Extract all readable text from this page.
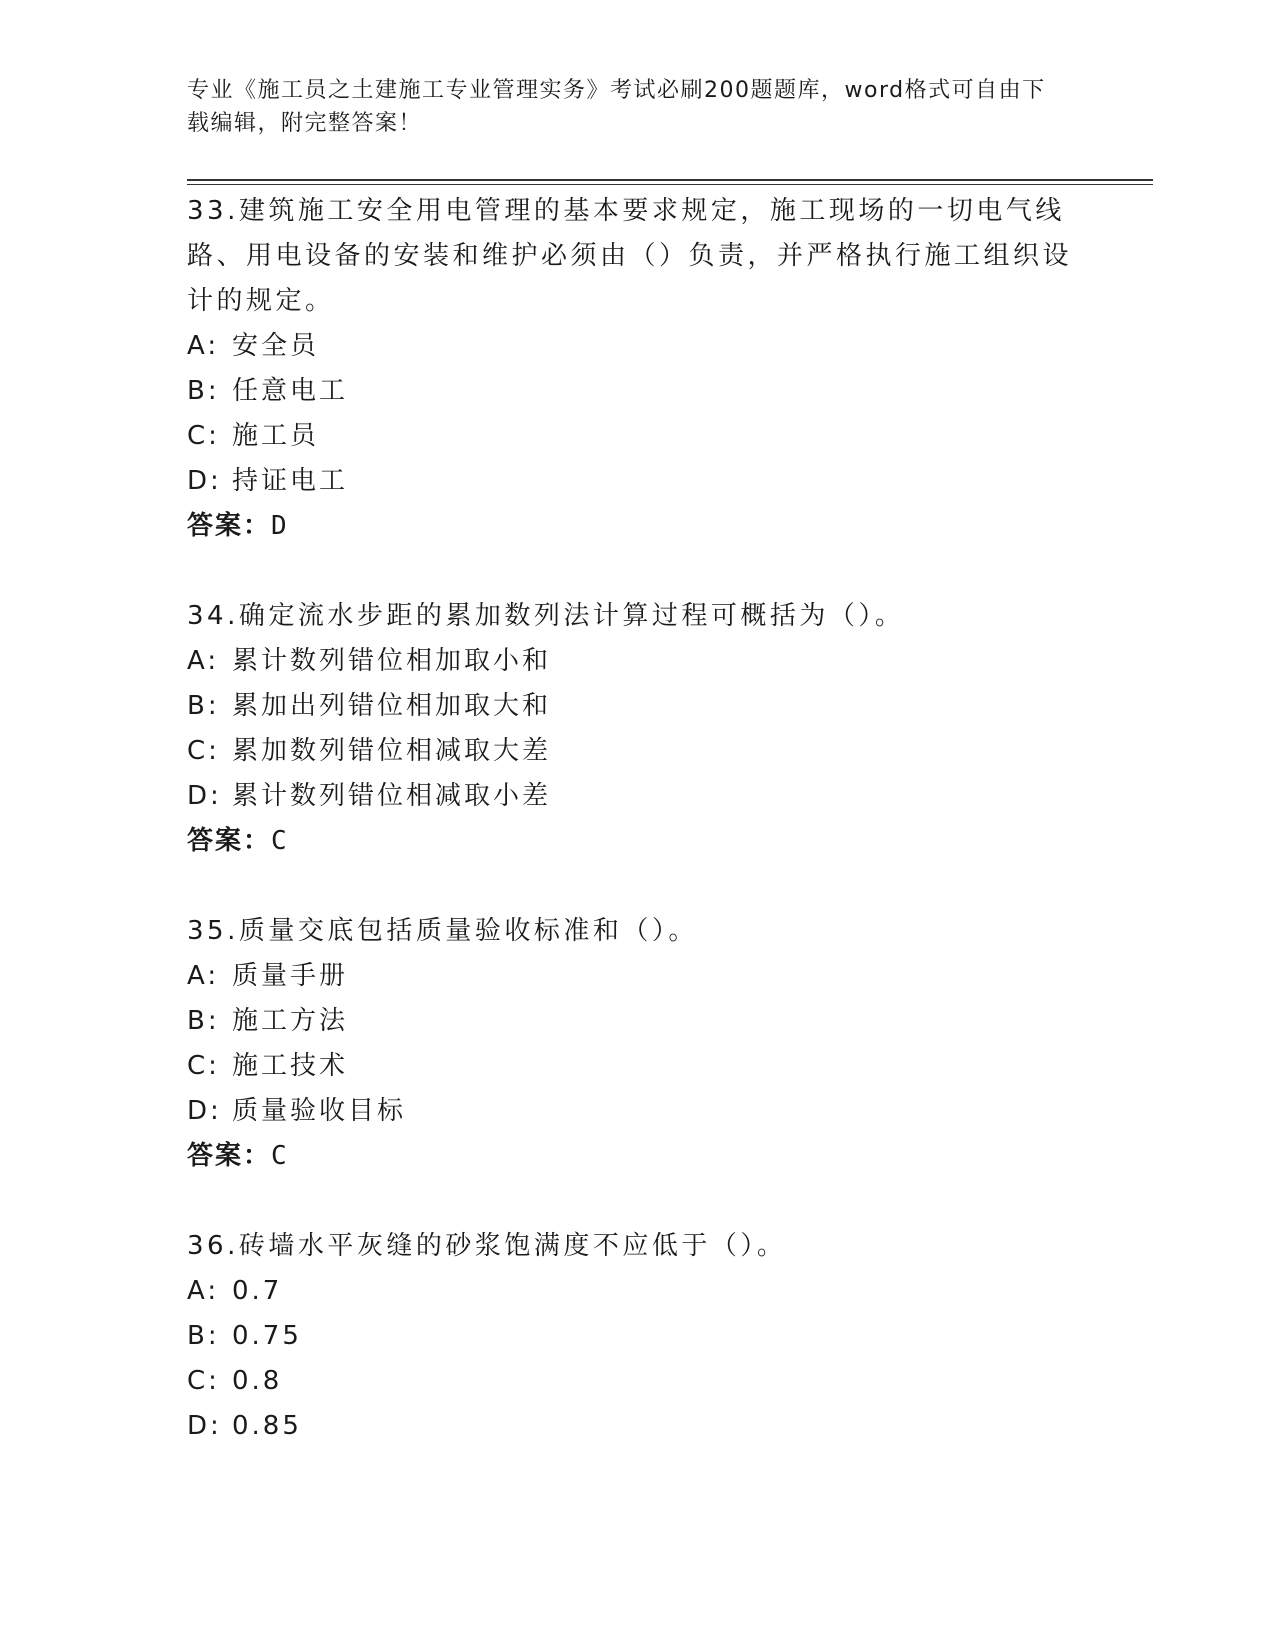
专业《施工员之土建施工专业管理实务》考试必刷200题题库，word格式可自由下载编辑，附完整答案！

33.建筑施工安全用电管理的基本要求规定，施工现场的一切电气线路、用电设备的安装和维护必须由（）负责，并严格执行施工组织设计的规定。

A: 安全员
B: 任意电工
C: 施工员
D: 持证电工
答案：D

34.确定流水步距的累加数列法计算过程可概括为（）。

A: 累计数列错位相加取小和
B: 累加出列错位相加取大和
C: 累加数列错位相减取大差
D: 累计数列错位相减取小差
答案：C

35.质量交底包括质量验收标准和（）。

A: 质量手册
B: 施工方法
C: 施工技术
D: 质量验收目标
答案：C

36.砖墙水平灰缝的砂浆饱满度不应低于（）。

A: 0.7
B: 0.75
C: 0.8
D: 0.85
